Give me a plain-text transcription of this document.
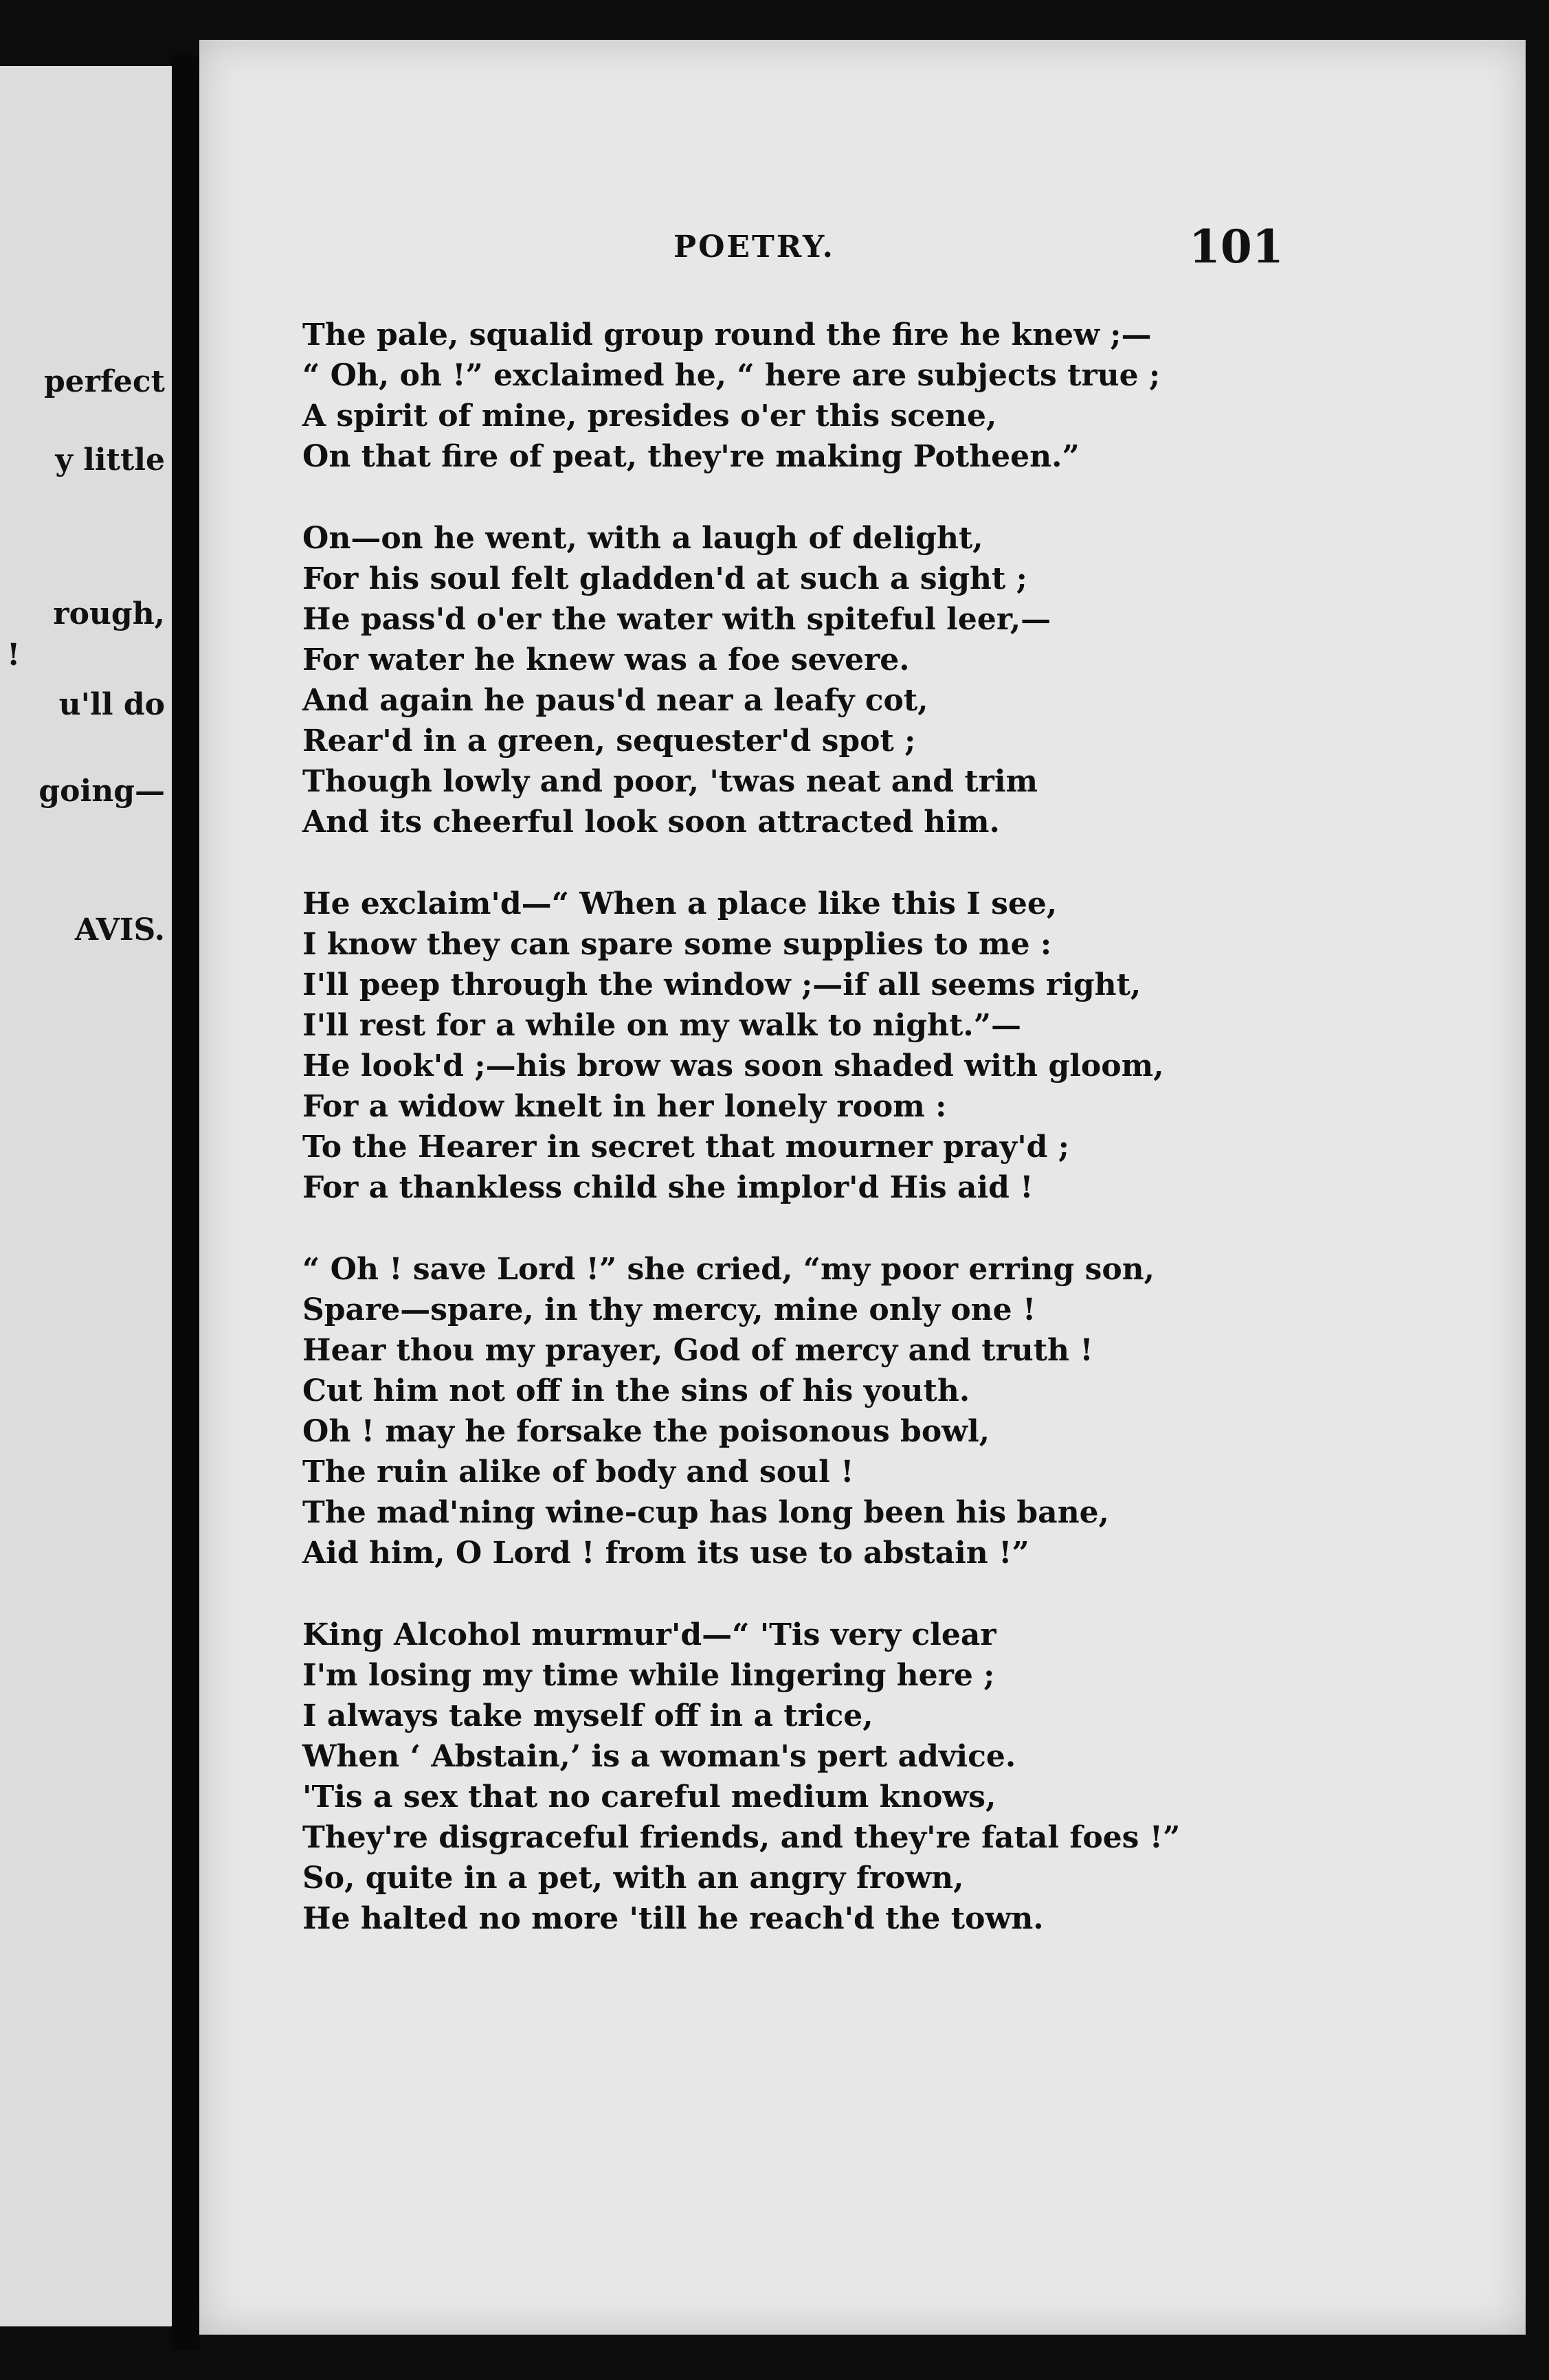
perfect
y little
rough,
!
u'll do
going—
AVIS.
POETRY.	101
The pale, squalid group round the fire he knew ;—
“ Oh, oh !” exclaimed he, “ here are subjects true ;
A spirit of mine, presides o'er this scene,
On that fire of peat, they're making Potheen.”
On—on he went, with a laugh of delight,
For his soul felt gladden'd at such a sight ;
He pass'd o'er the water with spiteful leer,—
For water he knew was a foe severe.
And again he paus'd near a leafy cot,
Rear'd in a green, sequester'd spot ;
Though lowly and poor, 'twas neat and trim
And its cheerful look soon attracted him.
He exclaim'd—“ When a place like this I see,
I know they can spare some supplies to me :
I'll peep through the window ;—if all seems right,
I'll rest for a while on my walk to night.”—
He look'd ;—his brow was soon shaded with gloom,
For a widow knelt in her lonely room :
To the Hearer in secret that mourner pray'd ;
For a thankless child she implor'd His aid !
“ Oh ! save Lord !” she cried, “my poor erring son,
Spare—spare, in thy mercy, mine only one !
Hear thou my prayer, God of mercy and truth !
Cut him not off in the sins of his youth.
Oh ! may he forsake the poisonous bowl,
The ruin alike of body and soul !
The mad'ning wine-cup has long been his bane,
Aid him, O Lord ! from its use to abstain !”
King Alcohol murmur'd—“ 'Tis very clear
I'm losing my time while lingering here ;
I always take myself off in a trice,
When ‘ Abstain,’ is a woman's pert advice.
'Tis a sex that no careful medium knows,
They're disgraceful friends, and they're fatal foes !”
So, quite in a pet, with an angry frown,
He halted no more 'till he reach'd the town.
